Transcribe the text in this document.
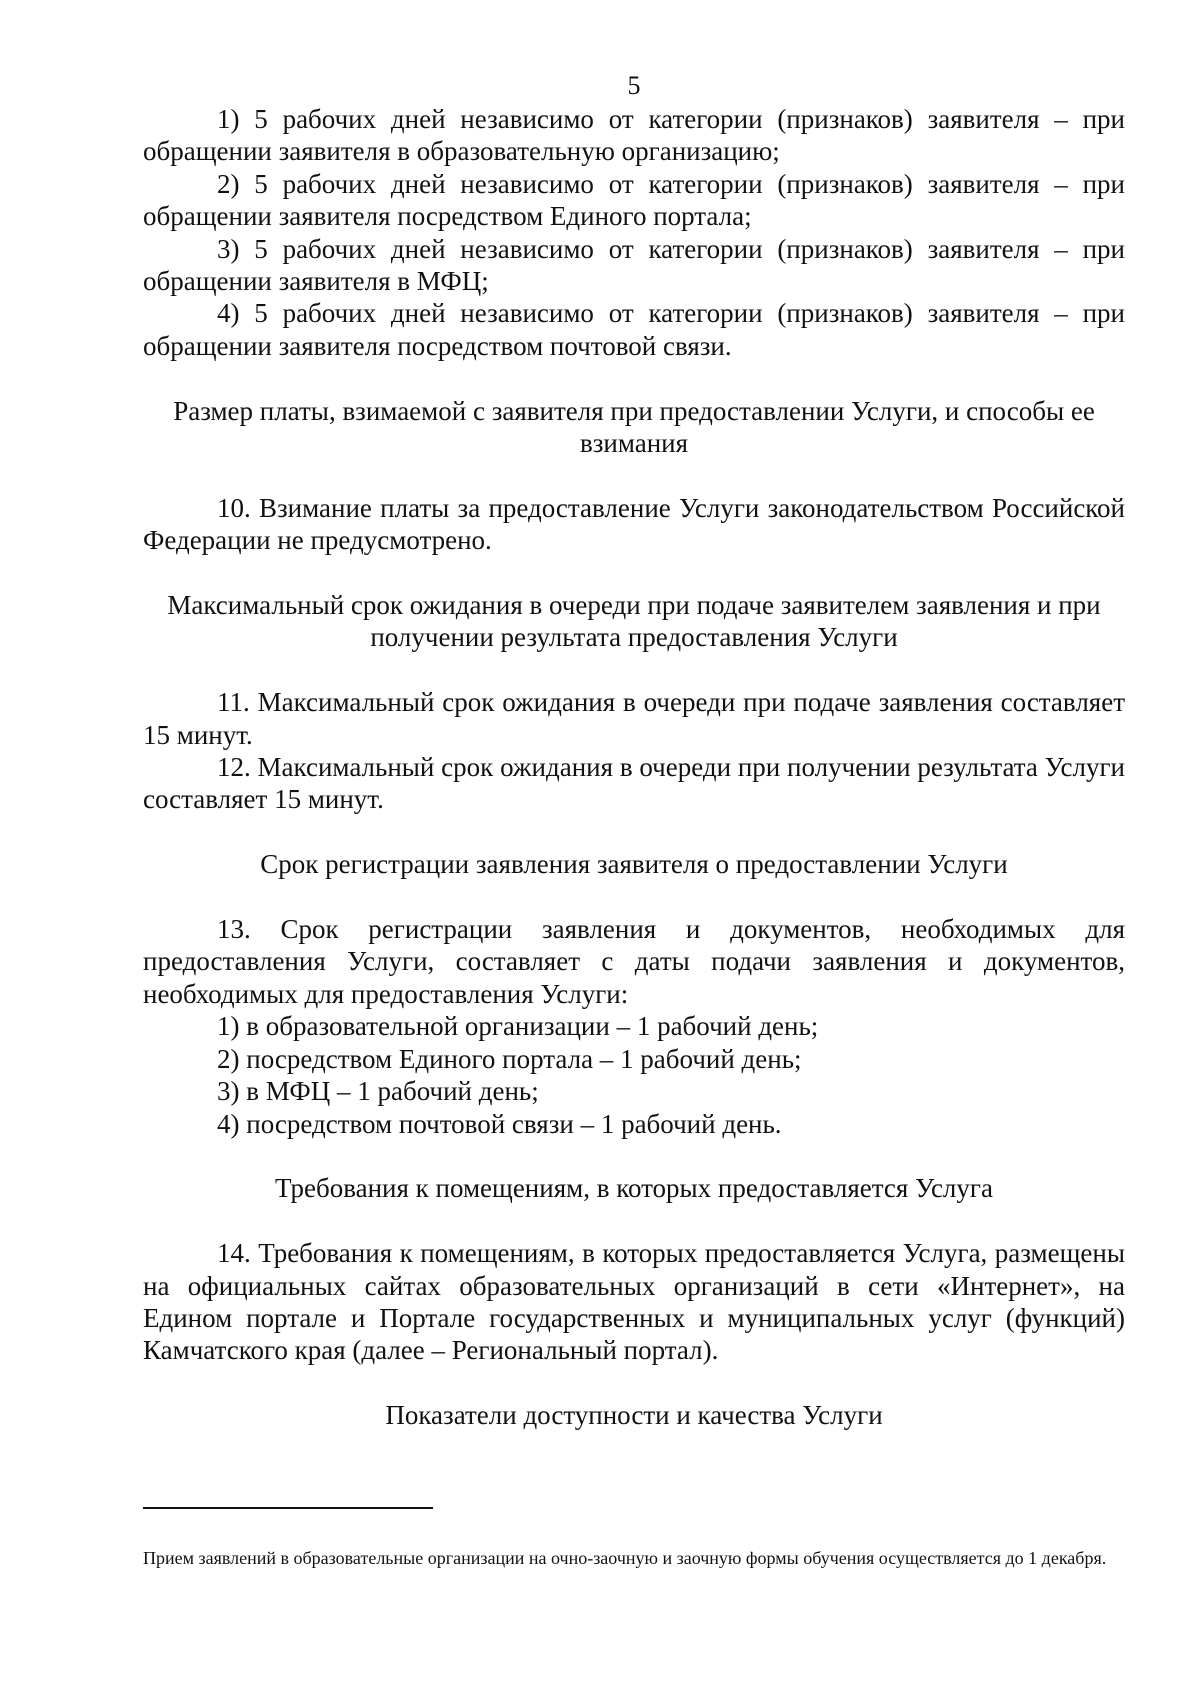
5

1) 5 рабочих дней независимо от категории (признаков) заявителя – при обращении заявителя в образовательную организацию;

2) 5 рабочих дней независимо от категории (признаков) заявителя – при обращении заявителя посредством Единого портала;

3) 5 рабочих дней независимо от категории (признаков) заявителя – при обращении заявителя в МФЦ;

4) 5 рабочих дней независимо от категории (признаков) заявителя – при обращении заявителя посредством почтовой связи.

Размер платы, взимаемой с заявителя при предоставлении Услуги, и способы ее взимания

10. Взимание платы за предоставление Услуги законодательством Российской Федерации не предусмотрено.

Максимальный срок ожидания в очереди при подаче заявителем заявления и при получении результата предоставления Услуги

11. Максимальный срок ожидания в очереди при подаче заявления составляет 15 минут.

12. Максимальный срок ожидания в очереди при получении результата Услуги составляет 15 минут.

Срок регистрации заявления заявителя о предоставлении Услуги

13. Срок регистрации заявления и документов, необходимых для предоставления Услуги, составляет с даты подачи заявления и документов, необходимых для предоставления Услуги:

1) в образовательной организации – 1 рабочий день;

2) посредством Единого портала – 1 рабочий день;

3) в МФЦ – 1 рабочий день;

4) посредством почтовой связи – 1 рабочий день.

Требования к помещениям, в которых предоставляется Услуга

14. Требования к помещениям, в которых предоставляется Услуга, размещены на официальных сайтах образовательных организаций в сети «Интернет», на Едином портале и Портале государственных и муниципальных услуг (функций) Камчатского края (далее – Региональный портал).

Показатели доступности и качества Услуги

Прием заявлений в образовательные организации на очно-заочную и заочную формы обучения осуществляется до 1 декабря.
